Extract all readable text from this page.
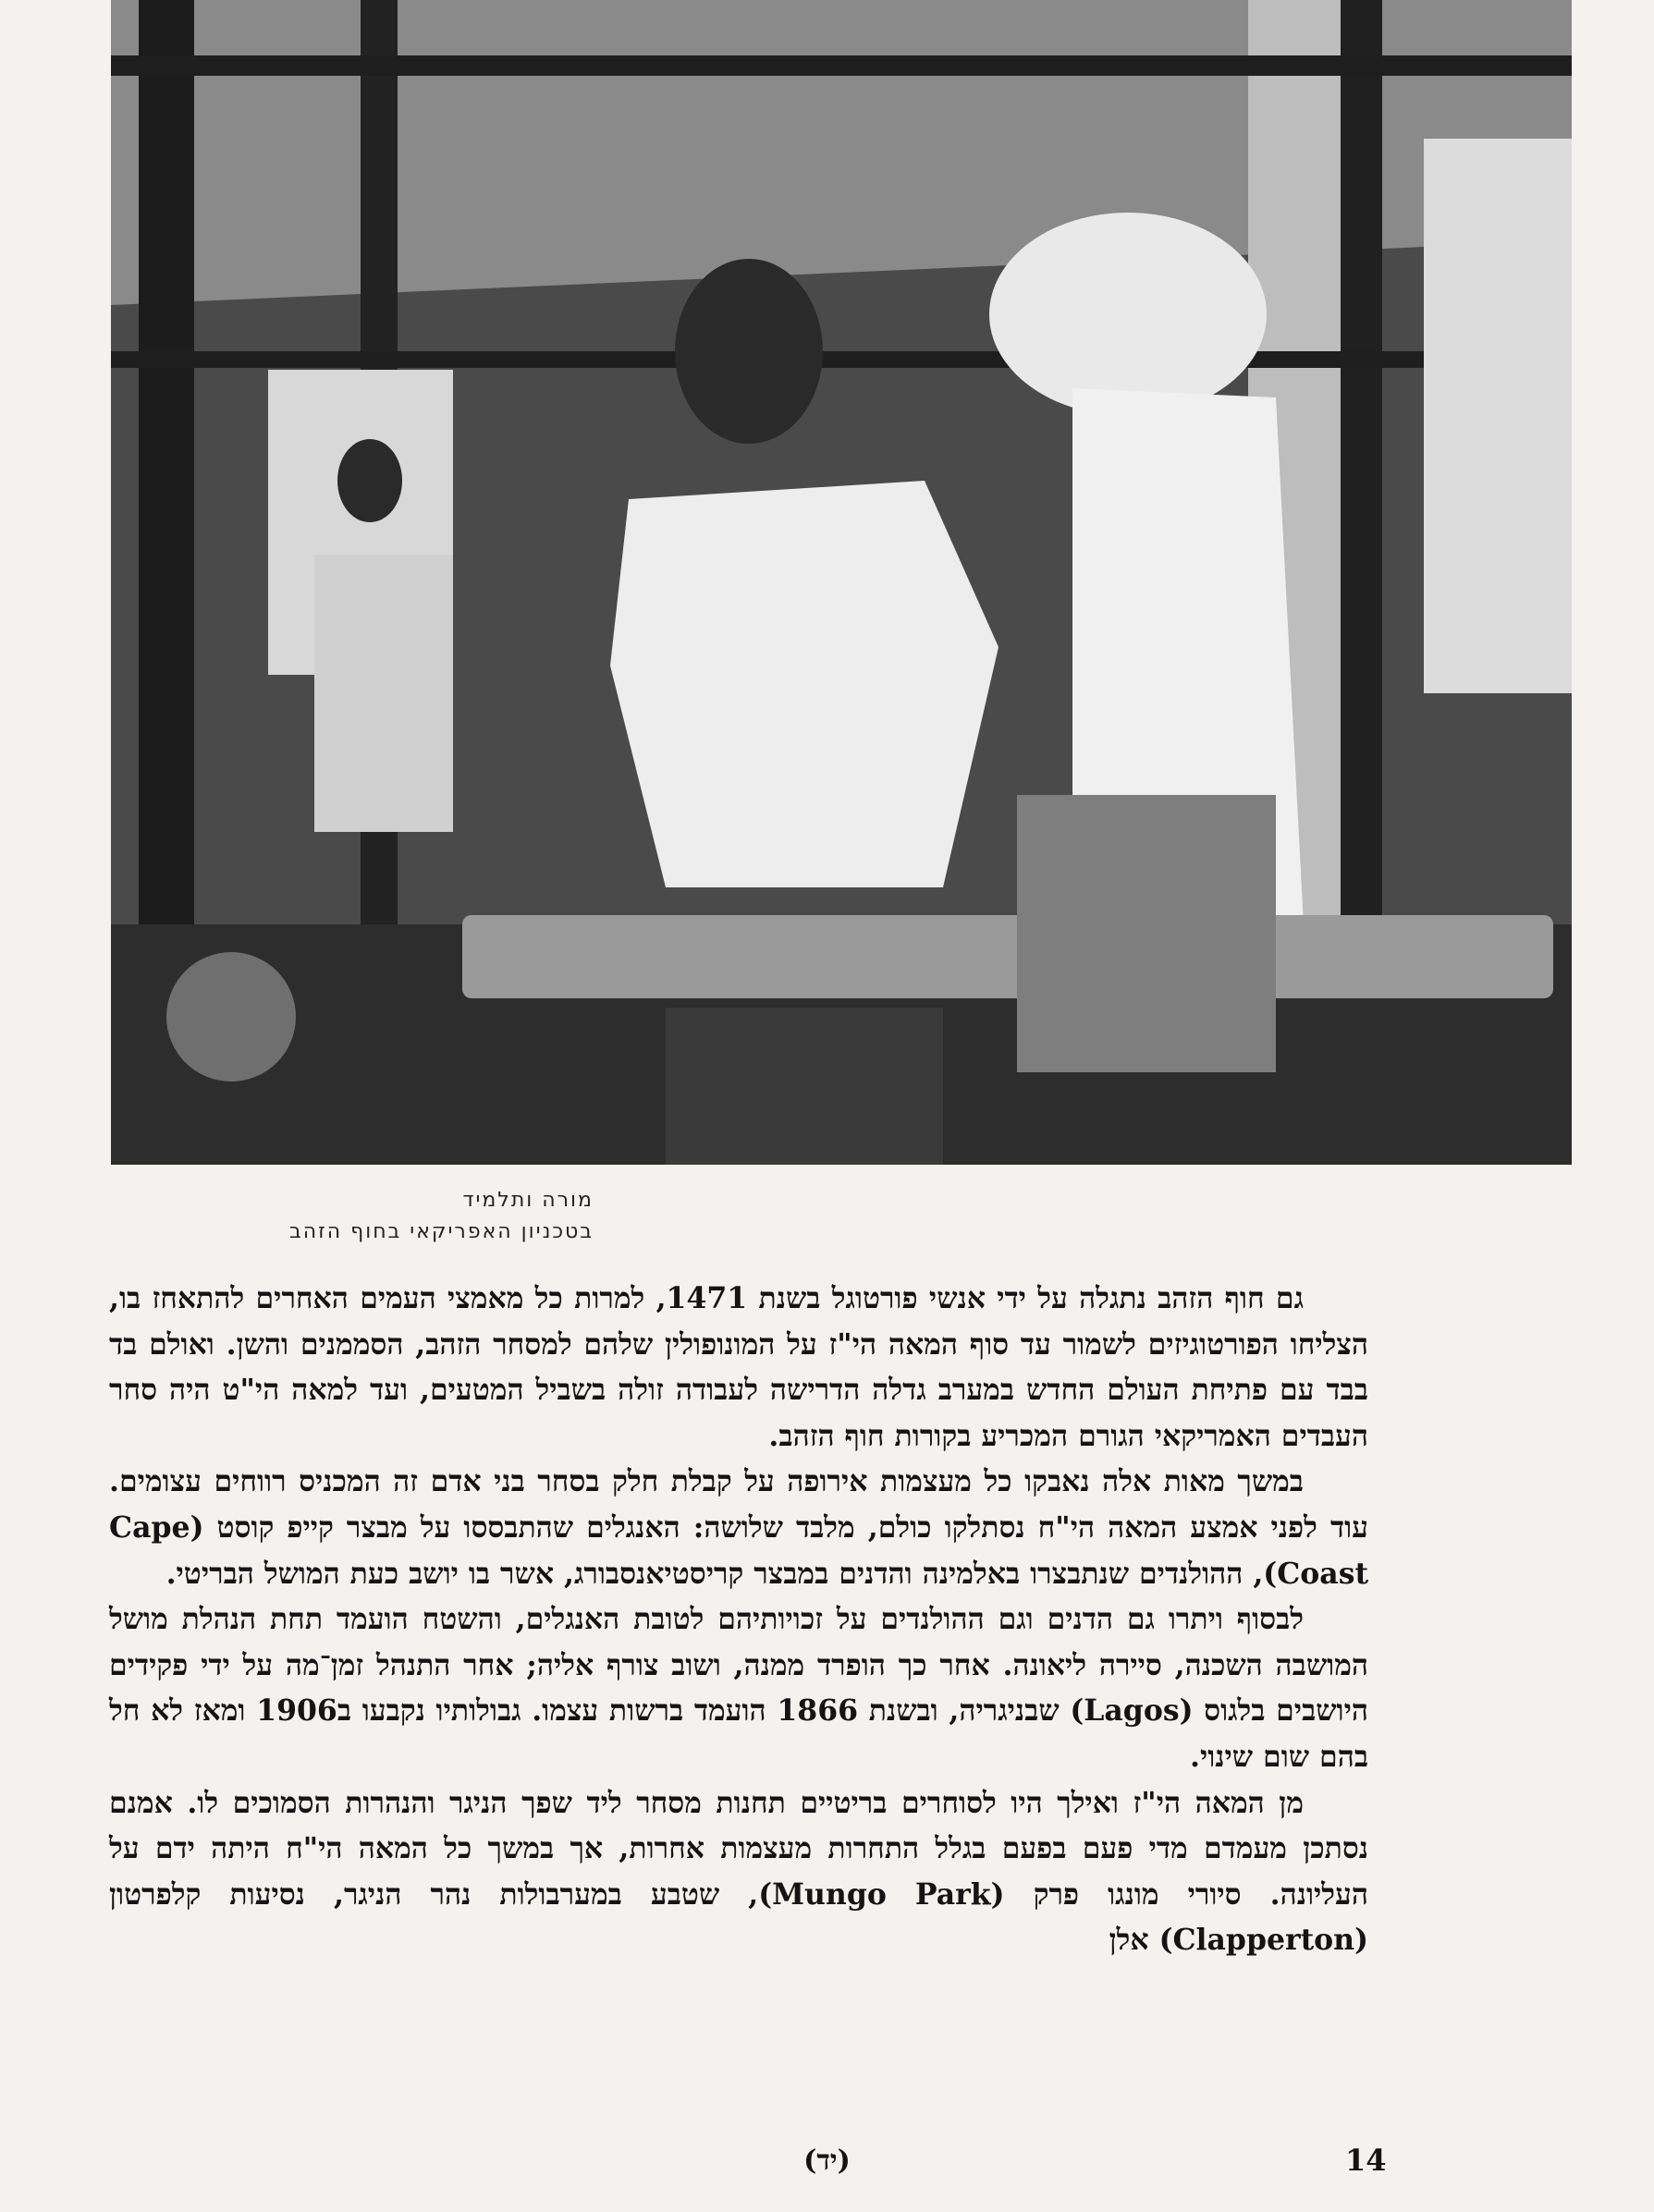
מורה ותלמיד
בטכניון האפריקאי בחוף הזהב

גם חוף הזהב נתגלה על ידי אנשי פורטוגל בשנת 1471, למרות כל מאמצי העמים האחרים להתאחז בו, הצליחו הפורטוגיזים לשמור עד סוף המאה הי"ז על המונופולין שלהם למסחר הזהב, הסממנים והשן. ואולם בד בבד עם פתיחת העולם החדש במערב גדלה הדרישה לעבודה זולה בשביל המטעים, ועד למאה הי"ט היה סחר העבדים האמריקאי הגורם המכריע בקורות חוף הזהב.

במשך מאות אלה נאבקו כל מעצמות אירופה על קבלת חלק בסחר בני אדם זה המכניס רווחים עצומים. עוד לפני אמצע המאה הי"ח נסתלקו כולם, מלבד שלושה: האנגלים שהתבססו על מבצר קייפ קוסט (Cape Coast), ההולנדים שנתבצרו באלמינה והדנים במבצר קריסטיאנסבורג, אשר בו יושב כעת המושל הבריטי.

לבסוף ויתרו גם הדנים וגם ההולנדים על זכויותיהם לטובת האנגלים, והשטח הועמד תחת הנהלת מושל המושבה השכנה, סיירה ליאונה. אחר כך הופרד ממנה, ושוב צורף אליה; אחר התנהל זמן־מה על ידי פקידים היושבים בלגוס (Lagos) שבניגריה, ובשנת 1866 הועמד ברשות עצמו. גבולותיו נקבעו ב1906 ומאז לא חל בהם שום שינוי.

מן המאה הי"ז ואילך היו לסוחרים בריטיים תחנות מסחר ליד שפך הניגר והנהרות הסמוכים לו. אמנם נסתכן מעמדם מדי פעם בפעם בגלל התחרות מעצמות אחרות, אך במשך כל המאה הי"ח היתה ידם על העליונה. סיורי מונגו פרק (Mungo Park), שטבע במערבולות נהר הניגר, נסיעות קלפרטון (Clapperton) אלן

(יד)	14
